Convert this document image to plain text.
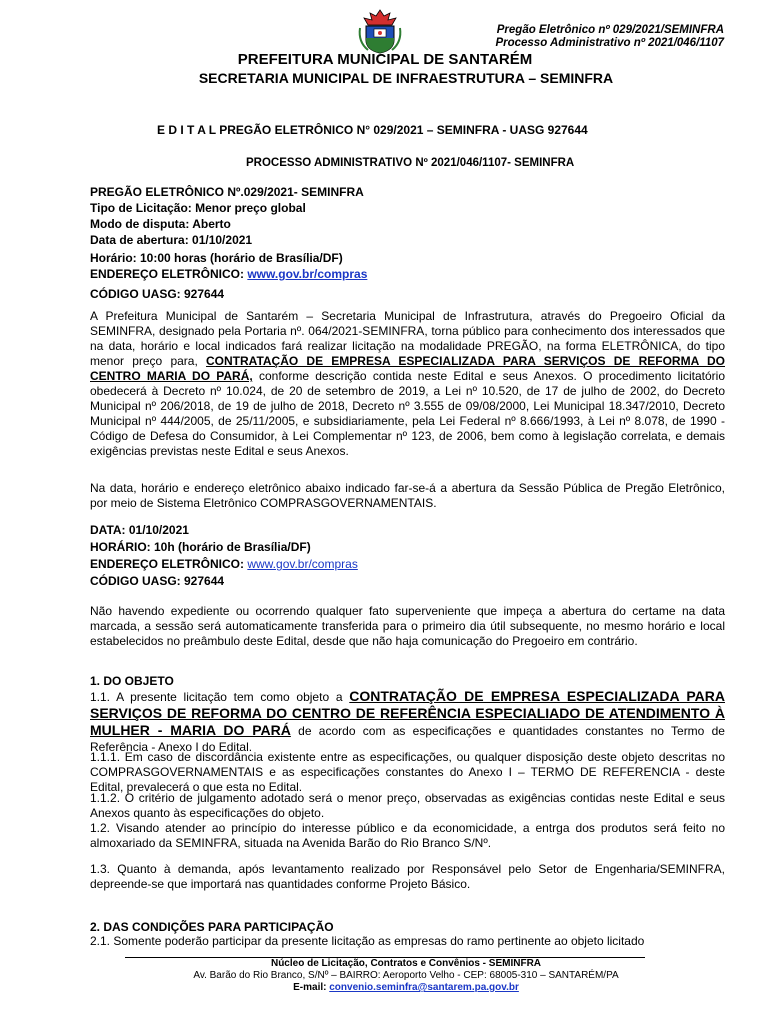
Pregão Eletrônico nº 029/2021/SEMINFRA
Processo Administrativo nº 2021/046/1107
PREFEITURA MUNICIPAL DE SANTARÉM
SECRETARIA MUNICIPAL DE INFRAESTRUTURA – SEMINFRA
E D I T A L PREGÃO ELETRÔNICO N° 029/2021 – SEMINFRA - UASG 927644
PROCESSO ADMINISTRATIVO Nº 2021/046/1107- SEMINFRA
PREGÃO ELETRÔNICO Nº.029/2021- SEMINFRA
Tipo de Licitação: Menor preço global
Modo de disputa: Aberto
Data de abertura: 01/10/2021
Horário: 10:00 horas (horário de Brasília/DF)
ENDEREÇO ELETRÔNICO: www.gov.br/compras
CÓDIGO UASG: 927644
A Prefeitura Municipal de Santarém – Secretaria Municipal de Infrastrutura, através do Pregoeiro Oficial da SEMINFRA, designado pela Portaria nº. 064/2021-SEMINFRA, torna público para conhecimento dos interessados que na data, horário e local indicados fará realizar licitação na modalidade PREGÃO, na forma ELETRÔNICA, do tipo menor preço para, CONTRATAÇÃO DE EMPRESA ESPECIALIZADA PARA SERVIÇOS DE REFORMA DO CENTRO MARIA DO PARÁ, conforme descrição contida neste Edital e seus Anexos. O procedimento licitatório obedecerá à Decreto nº 10.024, de 20 de setembro de 2019, a Lei nº 10.520, de 17 de julho de 2002, do Decreto Municipal nº 206/2018, de 19 de julho de 2018, Decreto nº 3.555 de 09/08/2000, Lei Municipal 18.347/2010, Decreto Municipal nº 444/2005, de 25/11/2005, e subsidiariamente, pela Lei Federal nº 8.666/1993, à Lei nº 8.078, de 1990 - Código de Defesa do Consumidor, à Lei Complementar nº 123, de 2006, bem como à legislação correlata, e demais exigências previstas neste Edital e seus Anexos.
Na data, horário e endereço eletrônico abaixo indicado far-se-á a abertura da Sessão Pública de Pregão Eletrônico, por meio de Sistema Eletrônico COMPRASGOVERNAMENTAIS.
DATA: 01/10/2021
HORÁRIO: 10h (horário de Brasília/DF)
ENDEREÇO ELETRÔNICO: www.gov.br/compras
CÓDIGO UASG: 927644
Não havendo expediente ou ocorrendo qualquer fato superveniente que impeça a abertura do certame na data marcada, a sessão será automaticamente transferida para o primeiro dia útil subsequente, no mesmo horário e local estabelecidos no preâmbulo deste Edital, desde que não haja comunicação do Pregoeiro em contrário.
1. DO OBJETO
1.1. A presente licitação tem como objeto a CONTRATAÇÃO DE EMPRESA ESPECIALIZADA PARA SERVIÇOS DE REFORMA DO CENTRO DE REFERÊNCIA ESPECIALIADO DE ATENDIMENTO À MULHER - MARIA DO PARÁ de acordo com as especificações e quantidades constantes no Termo de Referência - Anexo I do Edital.
1.1.1. Em caso de discordância existente entre as especificações, ou qualquer disposição deste objeto descritas no COMPRASGOVERNAMENTAIS e as especificações constantes do Anexo I – TERMO DE REFERENCIA - deste Edital, prevalecerá o que esta no Edital.
1.1.2. O critério de julgamento adotado será o menor preço, observadas as exigências contidas neste Edital e seus Anexos quanto às especificações do objeto.
1.2. Visando atender ao princípio do interesse público e da economicidade, a entrga dos produtos será feito no almoxariado da SEMINFRA, situada na Avenida Barão do Rio Branco S/Nº.
1.3. Quanto à demanda, após levantamento realizado por Responsável pelo Setor de Engenharia/SEMINFRA, depreende-se que importará nas quantidades conforme Projeto Básico.
2. DAS CONDIÇÕES PARA PARTICIPAÇÃO
2.1. Somente poderão participar da presente licitação as empresas do ramo pertinente ao objeto licitado
Núcleo de Licitação, Contratos e Convênios - SEMINFRA
Av. Barão do Rio Branco, S/Nº – BAIRRO: Aeroporto Velho - CEP: 68005-310 – SANTARÉM/PA
E-mail: convenio.seminfra@santarem.pa.gov.br
